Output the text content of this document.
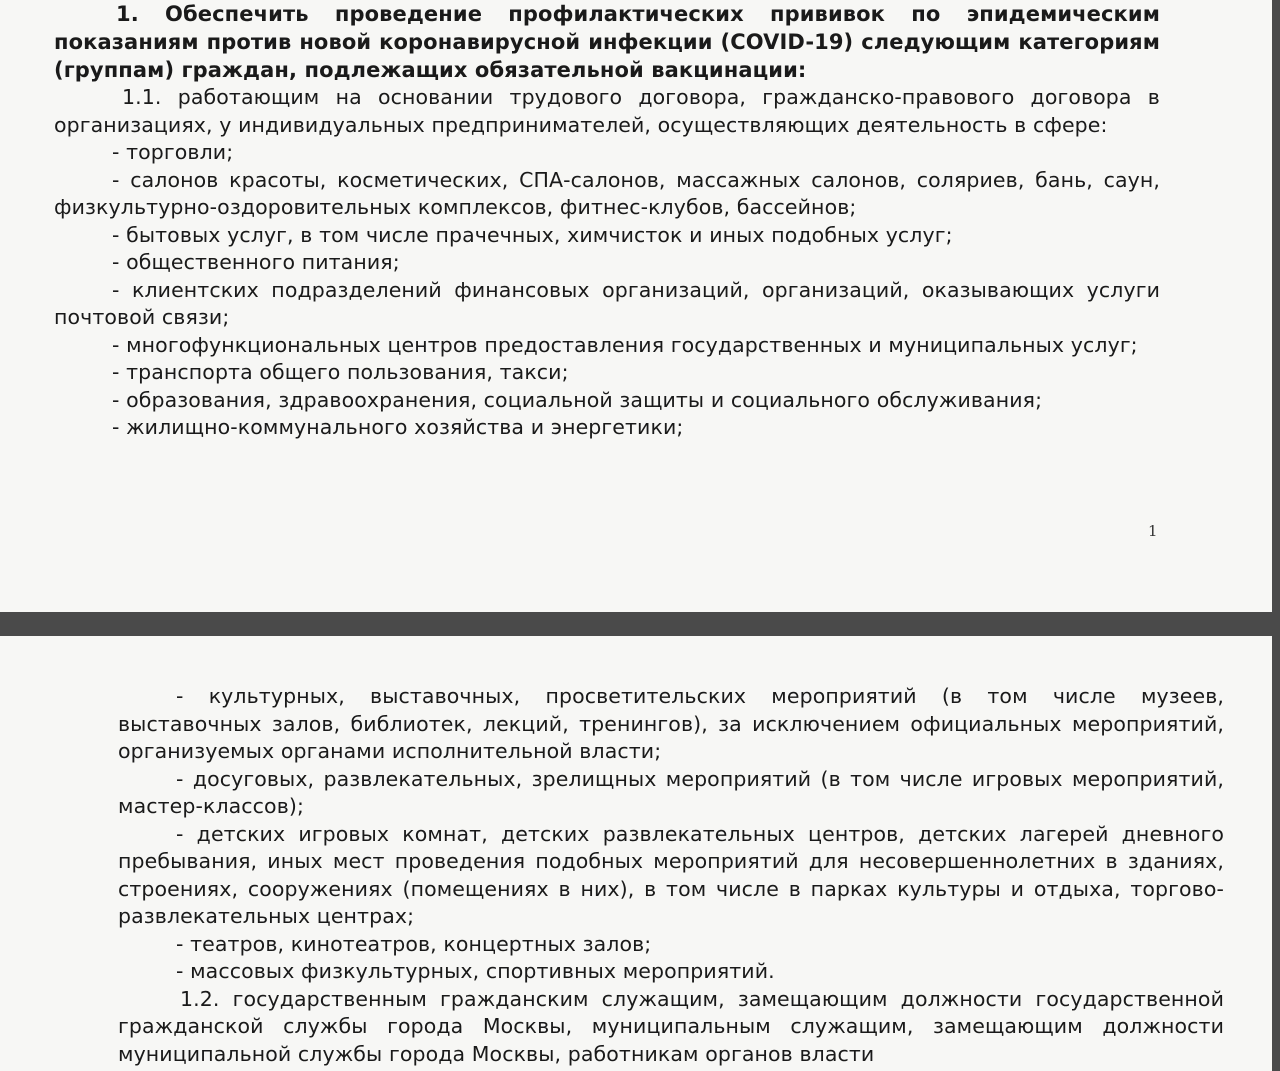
1. Обеспечить проведение профилактических прививок по эпидемическим показаниям против новой коронавирусной инфекции (COVID-19) следующим категориям (группам) граждан, подлежащих обязательной вакцинации:

1.1. работающим на основании трудового договора, гражданско-правового договора в организациях, у индивидуальных предпринимателей, осуществляющих деятельность в сфере:

- торговли;

- салонов красоты, косметических, СПА-салонов, массажных салонов, соляриев, бань, саун, физкультурно-оздоровительных комплексов, фитнес-клубов, бассейнов;

- бытовых услуг, в том числе прачечных, химчисток и иных подобных услуг;

- общественного питания;

- клиентских подразделений финансовых организаций, организаций, оказывающих услуги почтовой связи;

- многофункциональных центров предоставления государственных и муниципальных услуг;

- транспорта общего пользования, такси;

- образования, здравоохранения, социальной защиты и социального обслуживания;

- жилищно-коммунального хозяйства и энергетики;

1

- культурных, выставочных, просветительских мероприятий (в том числе музеев, выставочных залов, библиотек, лекций, тренингов), за исключением официальных мероприятий, организуемых органами исполнительной власти;

- досуговых, развлекательных, зрелищных мероприятий (в том числе игровых мероприятий, мастер-классов);

- детских игровых комнат, детских развлекательных центров, детских лагерей дневного пребывания, иных мест проведения подобных мероприятий для несовершеннолетних в зданиях, строениях, сооружениях (помещениях в них), в том числе в парках культуры и отдыха, торгово-развлекательных центрах;

- театров, кинотеатров, концертных залов;

- массовых физкультурных, спортивных мероприятий.

1.2. государственным гражданским служащим, замещающим должности государственной гражданской службы города Москвы, муниципальным служащим, замещающим должности муниципальной службы города Москвы, работникам органов власти
